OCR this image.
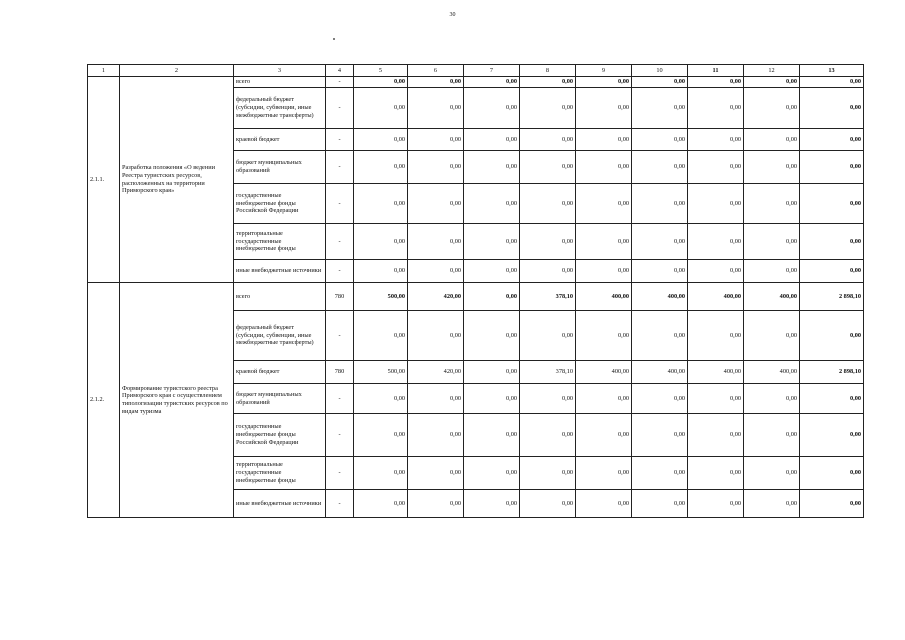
30
1	2	3	4	5	6	7	8	9	10	11	12	13
2.1.1.	Разработка положения «О ведении Реестра туристских ресурсов, расположенных на территории Приморского края»	всего	-	0,00	0,00	0,00	0,00	0,00	0,00	0,00	0,00	0,00
		федеральный бюджет (субсидии, субвенции, иные межбюджетные трансферты)	-	0,00	0,00	0,00	0,00	0,00	0,00	0,00	0,00	0,00
		краевой бюджет	-	0,00	0,00	0,00	0,00	0,00	0,00	0,00	0,00	0,00
		бюджет муниципальных образований	-	0,00	0,00	0,00	0,00	0,00	0,00	0,00	0,00	0,00
		государственные внебюджетные фонды Российской Федерации	-	0,00	0,00	0,00	0,00	0,00	0,00	0,00	0,00	0,00
		территориальные государственные внебюджетные фонды	-	0,00	0,00	0,00	0,00	0,00	0,00	0,00	0,00	0,00
		иные внебюджетные источники	-	0,00	0,00	0,00	0,00	0,00	0,00	0,00	0,00	0,00
2.1.2.	Формирование туристского реестра Приморского края с осуществлением типологизации туристских ресурсов по видам туризма	всего	780	500,00	420,00	0,00	378,10	400,00	400,00	400,00	400,00	2 898,10
		федеральный бюджет (субсидии, субвенции, иные межбюджетные трансферты)	-	0,00	0,00	0,00	0,00	0,00	0,00	0,00	0,00	0,00
		краевой бюджет	780	500,00	420,00	0,00	378,10	400,00	400,00	400,00	400,00	2 898,10
		бюджет муниципальных образований	-	0,00	0,00	0,00	0,00	0,00	0,00	0,00	0,00	0,00
		государственные внебюджетные фонды Российской Федерации	-	0,00	0,00	0,00	0,00	0,00	0,00	0,00	0,00	0,00
		территориальные государственные внебюджетные фонды	-	0,00	0,00	0,00	0,00	0,00	0,00	0,00	0,00	0,00
		иные внебюджетные источники	-	0,00	0,00	0,00	0,00	0,00	0,00	0,00	0,00	0,00
